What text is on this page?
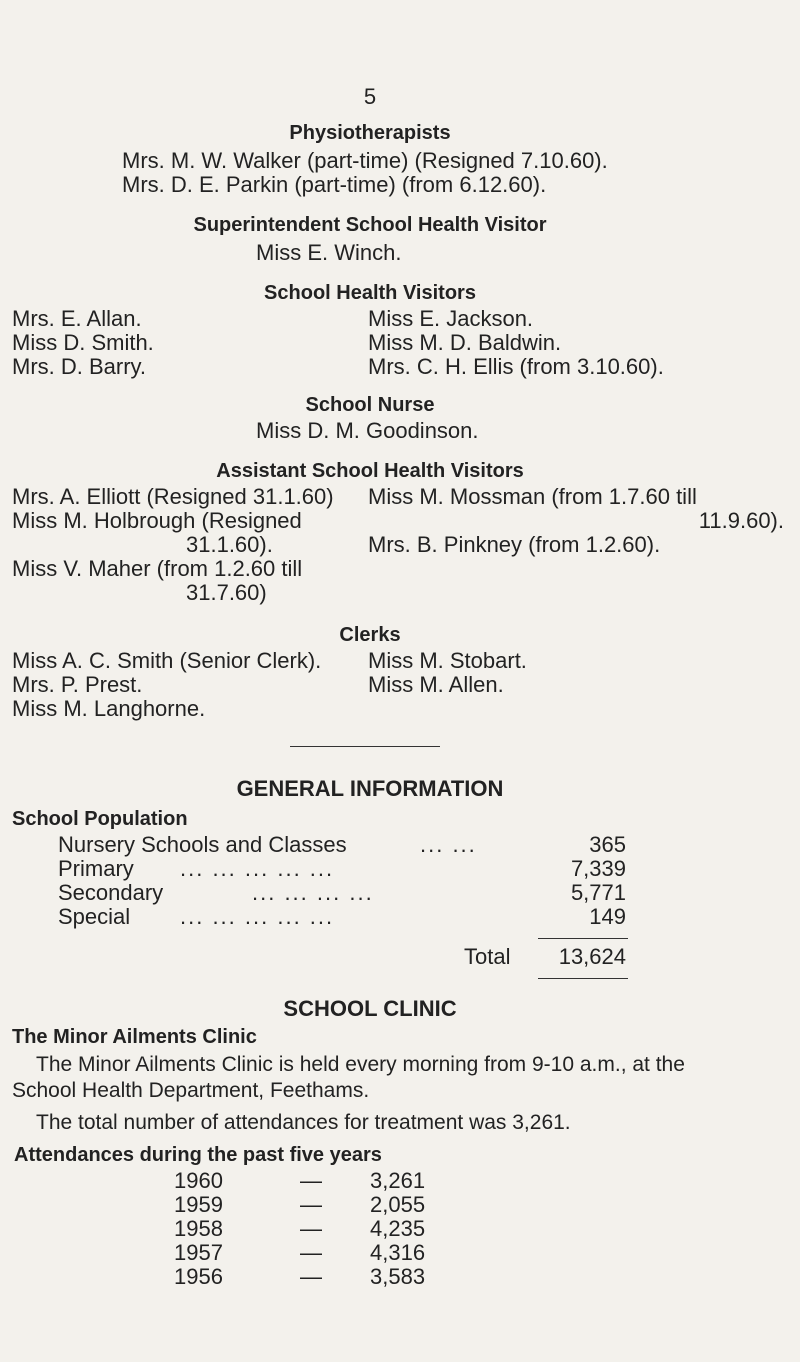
5
Physiotherapists
Mrs. M. W. Walker (part-time) (Resigned 7.10.60).
Mrs. D. E. Parkin (part-time) (from 6.12.60).
Superintendent School Health Visitor
Miss E. Winch.
School Health Visitors
Mrs. E. Allan.
Miss D. Smith.
Mrs. D. Barry.
Miss E. Jackson.
Miss M. D. Baldwin.
Mrs. C. H. Ellis (from 3.10.60).
School Nurse
Miss D. M. Goodinson.
Assistant School Health Visitors
Mrs. A. Elliott (Resigned 31.1.60)
Miss M. Holbrough (Resigned
31.1.60).
Miss V. Maher (from 1.2.60 till
31.7.60)
Miss M. Mossman (from 1.7.60 till
11.9.60).
Mrs. B. Pinkney (from 1.2.60).
Clerks
Miss A. C. Smith (Senior Clerk).
Mrs. P. Prest.
Miss M. Langhorne.
Miss M. Stobart.
Miss M. Allen.
GENERAL INFORMATION
School Population
Nursery Schools and Classes	... ...	365
Primary ... ... ... ... ...	7,339
Secondary	... ... ... ...	5,771
Special ... ... ... ... ...	149
Total	13,624
SCHOOL CLINIC
The Minor Ailments Clinic
The Minor Ailments Clinic is held every morning from 9-10 a.m., at the
School Health Department, Feethams.
The total number of attendances for treatment was 3,261.
Attendances during the past five years
1960	— 3,261
1959	— 2,055
1958	— 4,235
1957	— 4,316
1956	— 3,583
